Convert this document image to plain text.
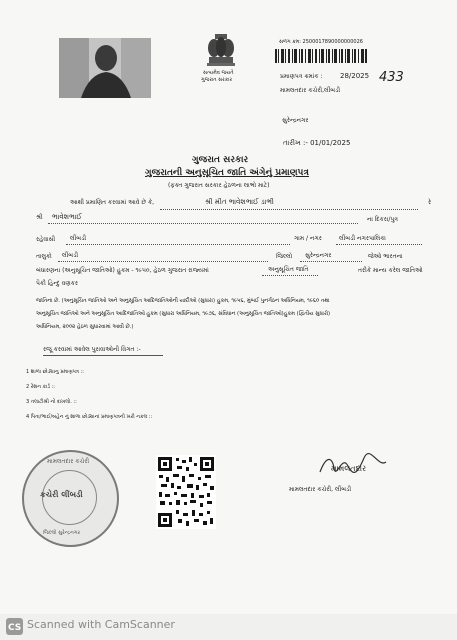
સત્યમેવ જયતે
ગુજરાત સરકાર
સળંગ ક્રમ: 2500017890000000026
પ્રમાણપત્ર ક્રમાંક :	28/2025 433
મામલતદાર કચેરી,લીંબડી
સુરેન્દ્રનગર
તારીખ :- 01/01/2025
ગુજરાત સરકાર
ગુજરાતની અનુસૂચિત જાતિ અંગેનું પ્રમાણપત્ર
(ફક્ત ગુજરાત સરકાર હેઠળના લાભો માટે)
આથી પ્રમાણિત કરવામાં આવે છે કે,	શ્રી મીત ભાવેશભાઈ ડાભી	રે
શ્રી ભાવેશભાઈ	ના દિકરા/પુત્ર
રહેવાસી લીંબડી	ગામ / નગર	લીંબડી નગરપાલિકા
તાલુકો લીંબડી	જિલ્લો સુરેન્દ્રનગર	જેઓ ભારતના
બંધારણના (અનુસૂચિત જાતિઓ) હુકમ - ૧૯૫૦, હેઠળ ગુજરાત રાજ્યમાં	અનુસૂચિત જાતિ	તરીકે માન્ય કરેલ જાતિઓ
પૈકી હિન્દુ વણકર
જાતિના છે. (અનુસૂચિત જાતિઓ અને અનુસૂચિત આદિજાતિઓની યાદીઓ (સુધારા) હુકમ, ૧૯૫૬, મુંબઈ પુનર્ગઠન અધિનિયમ, ૧૯૬૦ તથા
અનુસૂચિત જાતિઓ અને અનુસૂચિત આદિજાતિઓ હુકમ (સુધારા અધિનિયમ, ૧૯૭૬, સંવિધાન (અનુસૂચિત જાતિઓ)હુકમ (દ્વિતીય સુધારો)
અધિનિયમ, ૨૦૦૨ હેઠળ સુધારવામાં આવી છે.)
રજૂ કરવામાં આવેલ પુરાવાઓની વિગત :-
1 શાળા છોડ્યાનુ પ્રમાણપત્ર ::
2 રેશન કાર્ડ ::
3 તલાટીશ્રી નો દાખલો. ::
4 પિતા/ભાઈ/બહેન નું શાળા છોડ્યાનાં પ્રમાણપત્રની ખરી નકલ ::
મામલતદાર કચેરી
કચેરી લીંબડી
જિલ્લો સુરેન્દ્રનગર
મામલતદાર
મામલતદાર કચેરી, લીંબડી
CS Scanned with CamScanner
